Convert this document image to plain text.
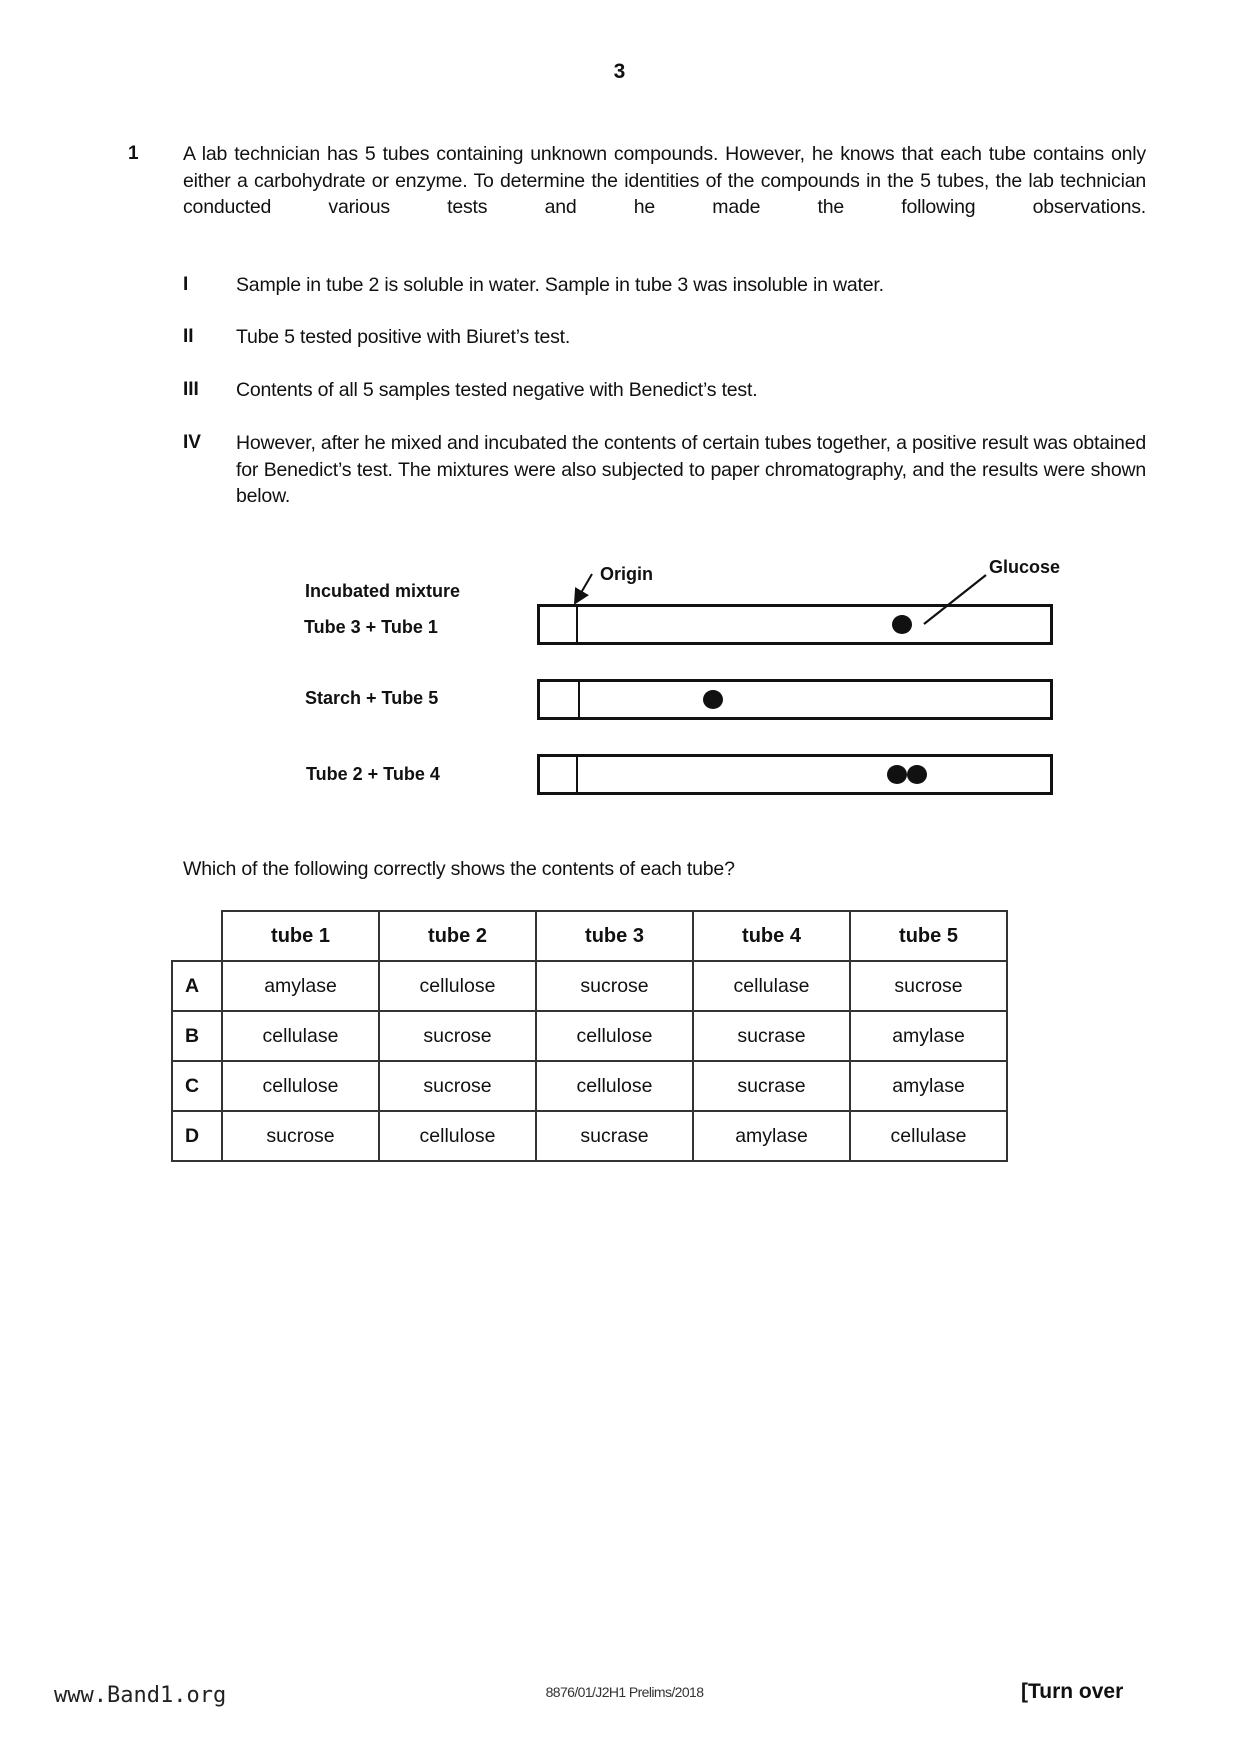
3
1 A lab technician has 5 tubes containing unknown compounds. However, he knows that each tube contains only either a carbohydrate or enzyme. To determine the identities of the compounds in the 5 tubes, the lab technician conducted various tests and he made the following observations.
I Sample in tube 2 is soluble in water. Sample in tube 3 was insoluble in water.
II Tube 5 tested positive with Biuret’s test.
III Contents of all 5 samples tested negative with Benedict’s test.
IV However, after he mixed and incubated the contents of certain tubes together, a positive result was obtained for Benedict’s test. The mixtures were also subjected to paper chromatography, and the results were shown below.
Incubated mixture
Origin	Glucose
Tube 3 + Tube 1
Starch + Tube 5
Tube 2 + Tube 4
Which of the following correctly shows the contents of each tube?
	tube 1	tube 2	tube 3	tube 4	tube 5
A	amylase	cellulose	sucrose	cellulase	sucrose
B	cellulase	sucrose	cellulose	sucrase	amylase
C	cellulose	sucrose	cellulose	sucrase	amylase
D	sucrose	cellulose	sucrase	amylase	cellulase
www.Band1.org	8876/01/J2H1 Prelims/2018	[Turn over
